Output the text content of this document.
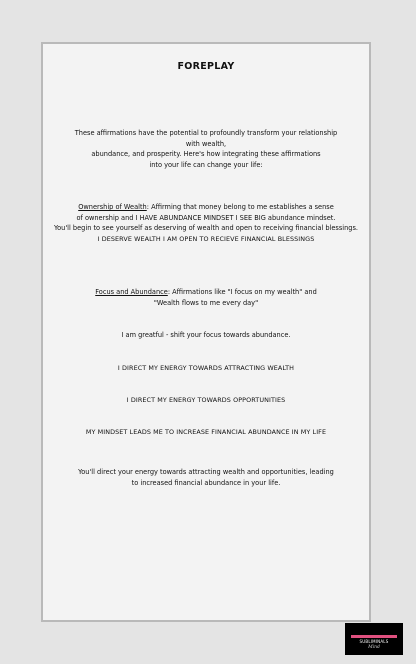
FOREPLAY
These affirmations have the potential to profoundly transform your relationship
with wealth,
abundance, and prosperity. Here's how integrating these affirmations
into your life can change your life:
Ownership of Wealth: Affirming that money belong to me establishes a sense
of ownership and I HAVE ABUNDANCE MINDSET I SEE BIG abundance mindset.
You'll begin to see yourself as deserving of wealth and open to receiving financial blessings.
I DESERVE WEALTH I AM OPEN TO RECIEVE FINANCIAL BLESSINGS
Focus and Abundance: Affirmations like "I focus on my wealth" and
"Wealth flows to me every day"
I am greatful - shift your focus towards abundance.
I DIRECT MY ENERGY TOWARDS ATTRACTING WEALTH
I DIRECT MY ENERGY TOWARDS OPPORTUNITIES
MY MINDSET LEADS ME TO INCREASE FINANCIAL ABUNDANCE IN MY LIFE
You'll direct your energy towards attracting wealth and opportunities, leading
to increased financial abundance in your life.
SUBLIMINALS
Mind
